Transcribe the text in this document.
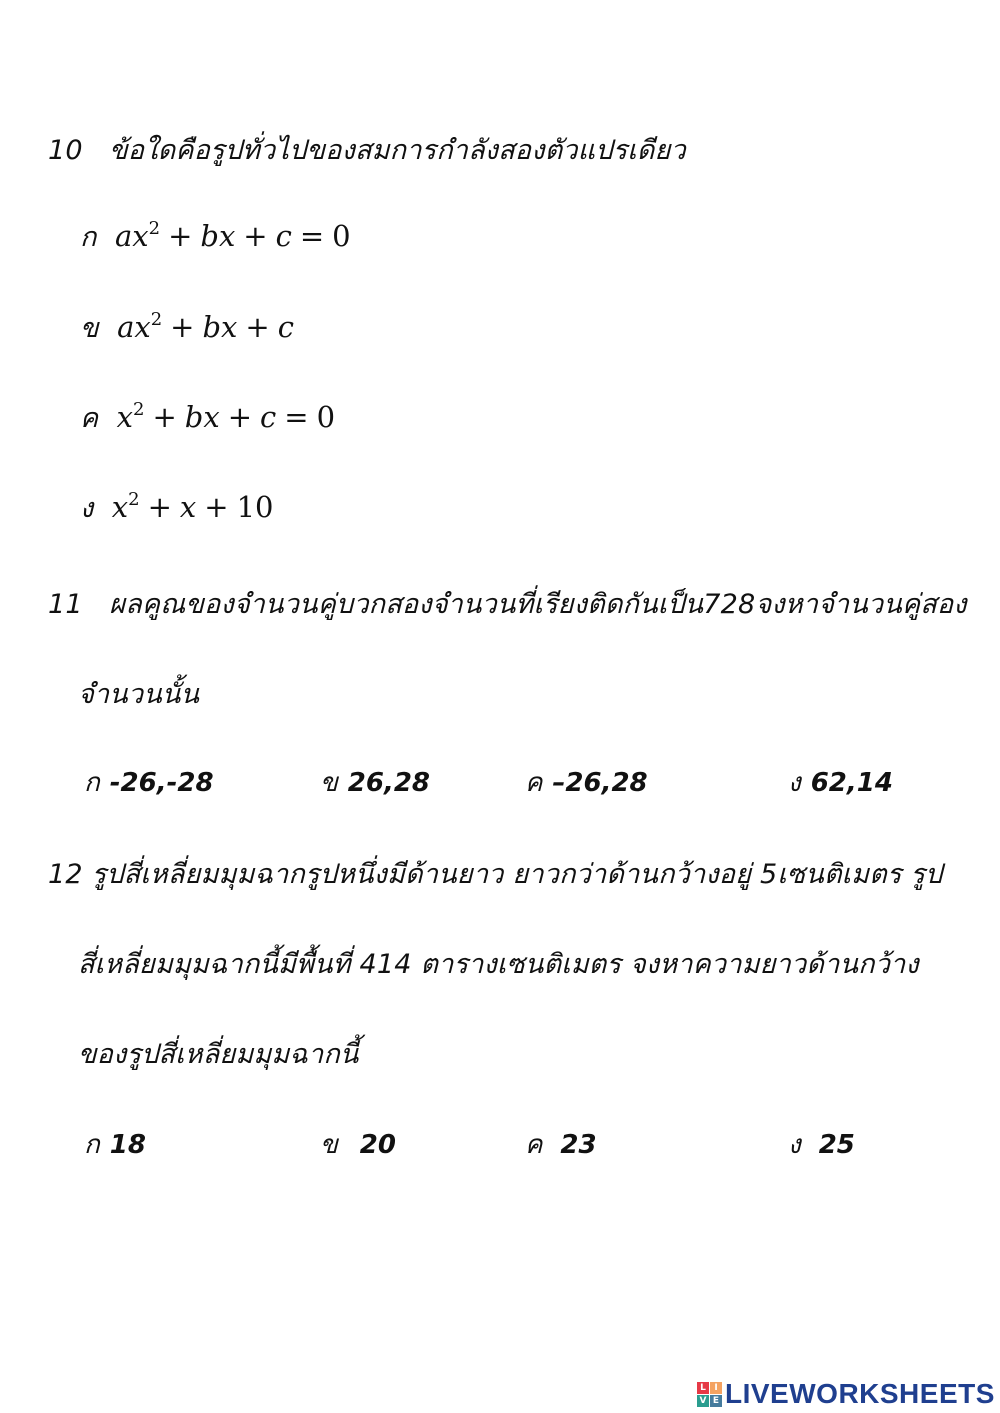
10 ข้อใดคือรูปทั่วไปของสมการกำลังสองตัวแปรเดียว
ก $ax^2$ + bx + c = 0
ข $ax^2$ + bx + c
ค $x^2$ + bx + c = 0
ง $x^2 + x + 10$
11 ผลคูณของจำนวนคู่บวกสองจำนวนที่เรียงติดกันเป็น728จงหาจำนวนคู่สอง
จำนวนนั้น
ก -26,-28	ข 26,28	ค –26,28	ง 62,14
12 รูปสี่เหลี่ยมมุมฉากรูปหนึ่งมีด้านยาว ยาวกว่าด้านกว้างอยู่ 5เซนติเมตร รูป
สี่เหลี่ยมมุมฉากนี้มีพื้นที่ 414 ตารางเซนติเมตร จงหาความยาวด้านกว้าง
ของรูปสี่เหลี่ยมมุมฉากนี้
ก 18	ข 20	ค 23	ง 25
L I
V E LIVEWORKSHEETS
